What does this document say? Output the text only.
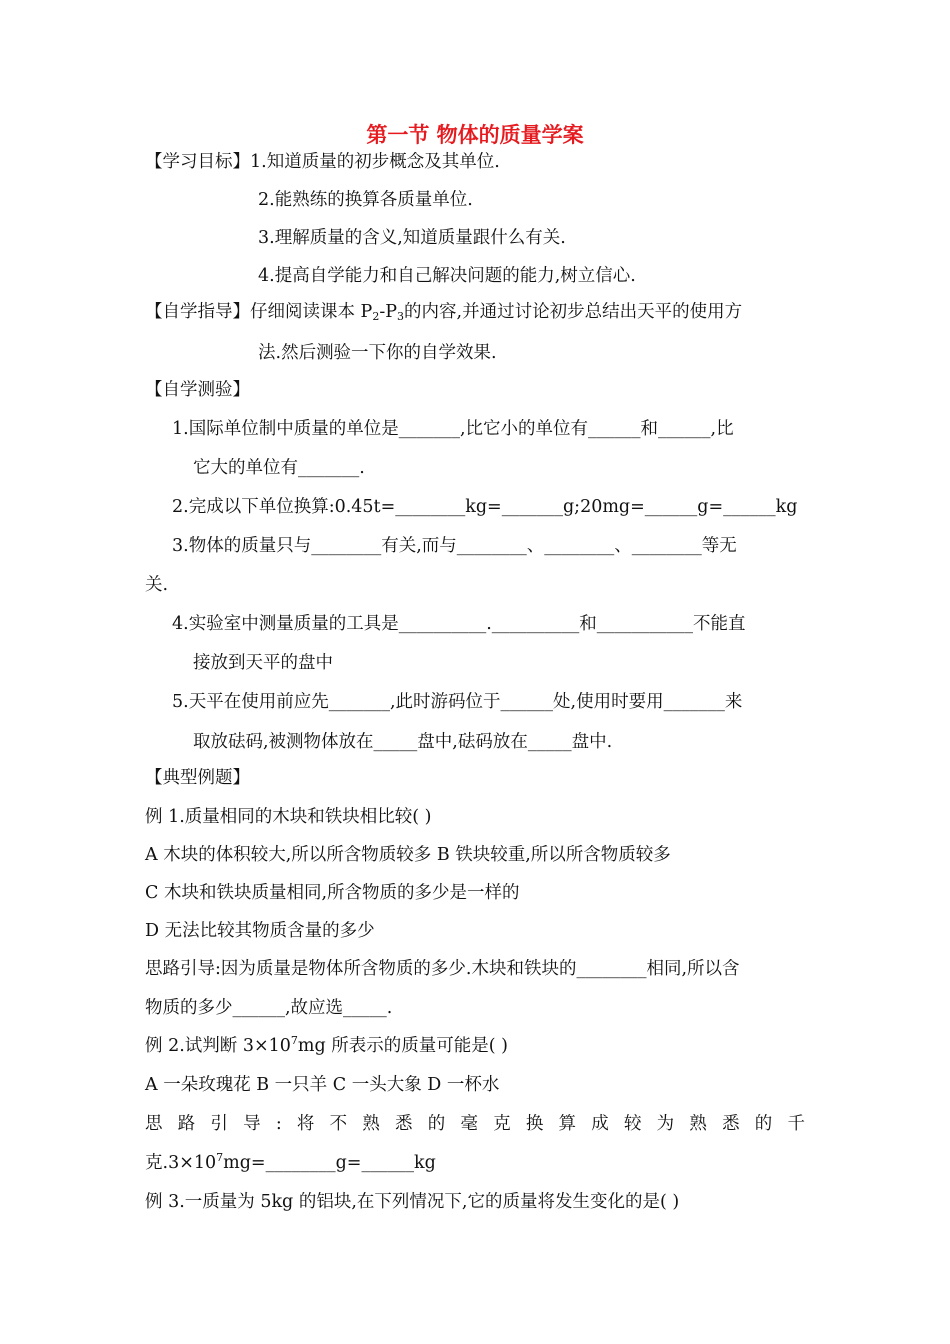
第一节 物体的质量学案
【学习目标】1.知道质量的初步概念及其单位.
2.能熟练的换算各质量单位.
3.理解质量的含义,知道质量跟什么有关.
4.提高自学能力和自己解决问题的能力,树立信心.
【自学指导】仔细阅读课本 $P_2-P_3$的内容,并通过讨论初步总结出天平的使用方
法.然后测验一下你的自学效果.
【自学测验】
1.国际单位制中质量的单位是_______,比它小的单位有______和______,比
它大的单位有_______.
2.完成以下单位换算:0.45t=________kg=_______g;20mg=______g=______kg
3.物体的质量只与________有关,而与________、________、________等无
关.
4.实验室中测量质量的工具是__________.__________和___________不能直
接放到天平的盘中
5.天平在使用前应先_______,此时游码位于______处,使用时要用_______来
取放砝码,被测物体放在_____盘中,砝码放在_____盘中.
【典型例题】
例 1.质量相同的木块和铁块相比较( )
A 木块的体积较大,所以所含物质较多 B 铁块较重,所以所含物质较多
C 木块和铁块质量相同,所含物质的多少是一样的
D 无法比较其物质含量的多少
思路引导:因为质量是物体所含物质的多少.木块和铁块的________相同,所以含
物质的多少______,故应选_____.
例 2.试判断 $3\times 10^7mg$ 所表示的质量可能是( )
A 一朵玫瑰花 B 一只羊 C 一头大象 D 一杯水
思 路 引 导 : 将 不 熟 悉 的 毫 克 换 算 成 较 为 熟 悉 的 千
克$.3\times 10^7mg=\_\_\_\_\_\_\_\_g=\_\_\_\_\_\_kg$
例 3.一质量为 5kg 的铝块,在下列情况下,它的质量将发生变化的是( )
